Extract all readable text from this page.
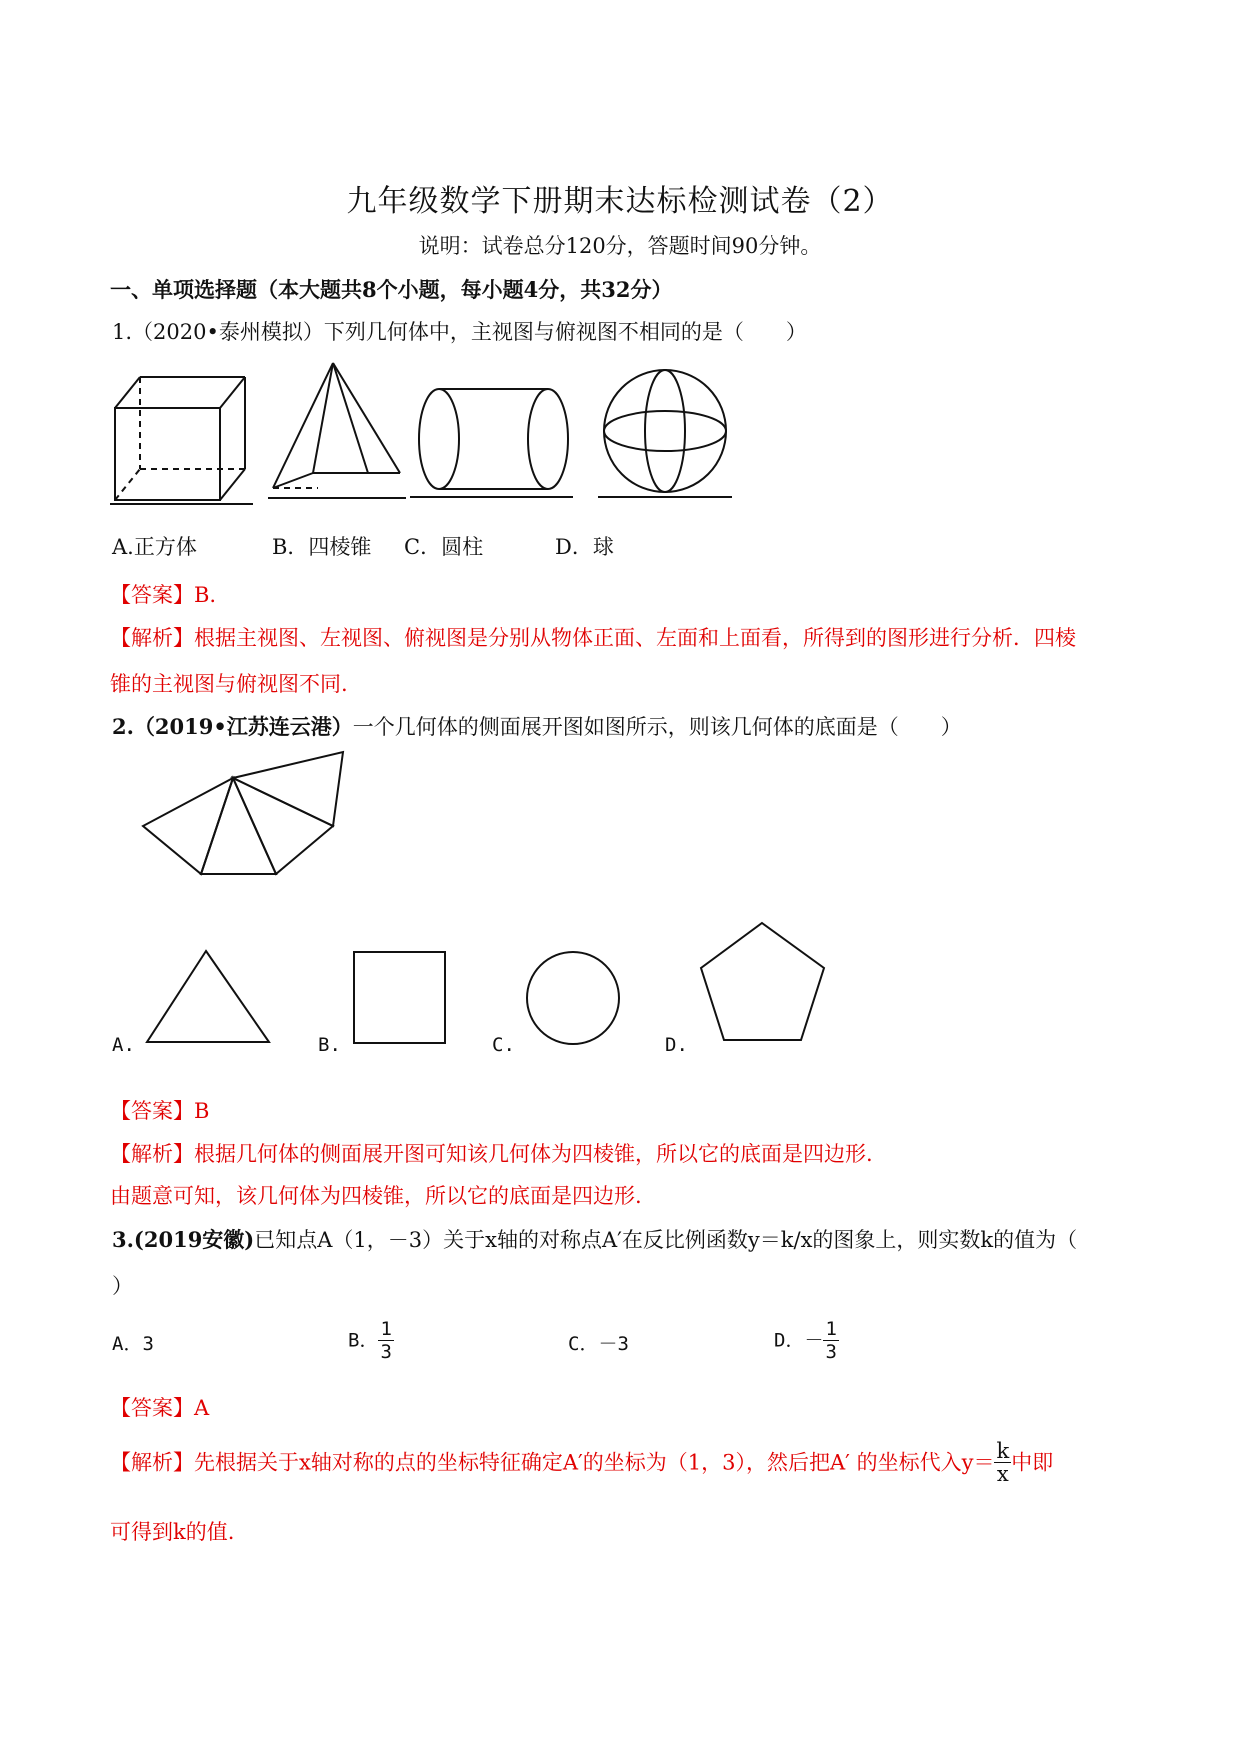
九年级数学下册期末达标检测试卷（2）
说明：试卷总分120分，答题时间90分钟。
一、单项选择题（本大题共8个小题，每小题4分，共32分）
1.（2020•泰州模拟）下列几何体中，主视图与俯视图不相同的是（　　）
A.正方体	B．四棱锥 C．圆柱	D．球
【答案】B.
【解析】根据主视图、左视图、俯视图是分别从物体正面、左面和上面看，所得到的图形进行分析．四棱
锥的主视图与俯视图不同.
2.（2019•江苏连云港）一个几何体的侧面展开图如图所示，则该几何体的底面是（　　）
A.	B.	C.	D.
【答案】B
【解析】根据几何体的侧面展开图可知该几何体为四棱锥，所以它的底面是四边形.
由题意可知，该几何体为四棱锥，所以它的底面是四边形.
3.(2019安徽)已知点A（1，－3）关于x轴的对称点A′在反比例函数y＝k/x的图象上，则实数k的值为（
）
A．3	B． $\frac{1}{3}$	C．－3	D．－ $\frac{1}{3}$
【答案】A
【解析】先根据关于x轴对称的点的坐标特征确定A′的坐标为（1，3），然后把A′ 的坐标代入$y= \frac{k}{x}$ 中即
可得到k的值.
